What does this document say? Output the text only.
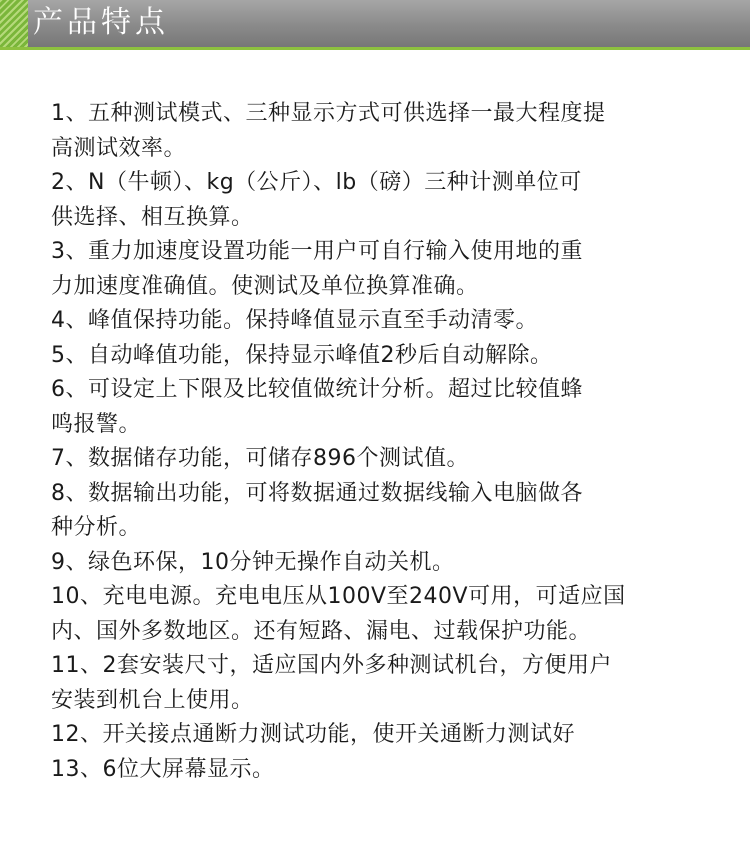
产品特点
1、五种测试模式、三种显示方式可供选择一最大程度提
高测试效率。
2、N（牛顿）、kg（公斤）、lb（磅）三种计测单位可
供选择、相互换算。
3、重力加速度设置功能一用户可自行输入使用地的重
力加速度准确值。使测试及单位换算准确。
4、峰值保持功能。保持峰值显示直至手动清零。
5、自动峰值功能，保持显示峰值2秒后自动解除。
6、可设定上下限及比较值做统计分析。超过比较值蜂
鸣报警。
7、数据储存功能，可储存896个测试值。
8、数据输出功能，可将数据通过数据线输入电脑做各
种分析。
9、绿色环保，10分钟无操作自动关机。
10、充电电源。充电电压从100V至240V可用，可适应国
内、国外多数地区。还有短路、漏电、过载保护功能。
11、2套安装尺寸，适应国内外多种测试机台，方便用户
安装到机台上使用。
12、开关接点通断力测试功能，使开关通断力测试好
13、6位大屏幕显示。
